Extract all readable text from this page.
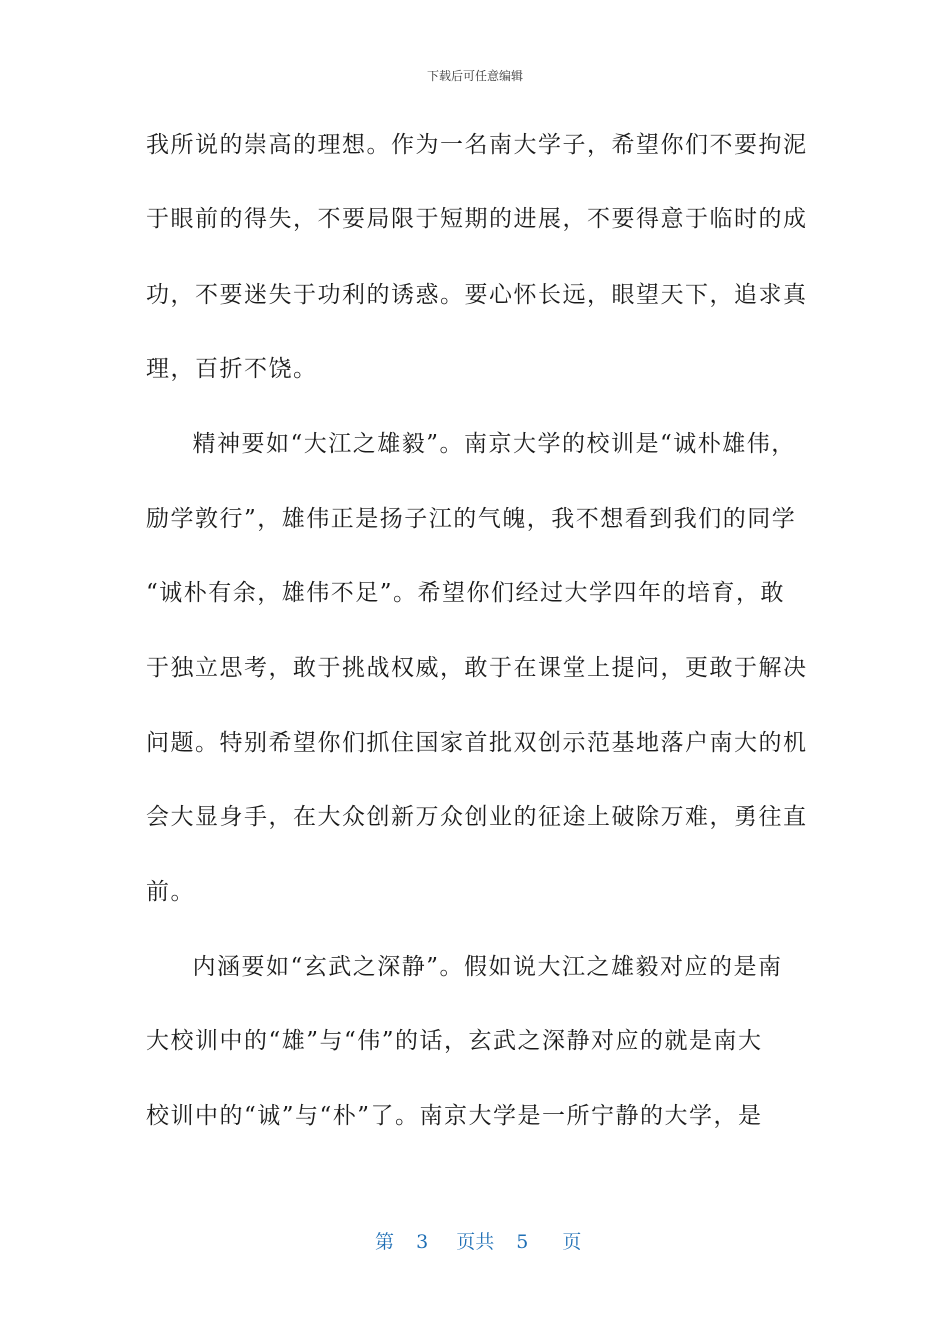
下载后可任意编辑
我所说的崇高的理想。作为一名南大学子，希望你们不要拘泥
于眼前的得失，不要局限于短期的进展，不要得意于临时的成
功，不要迷失于功利的诱惑。要心怀长远，眼望天下，追求真
理，百折不饶。
　精神要如“大江之雄毅”。南京大学的校训是“诚朴雄伟，
励学敦行”，雄伟正是扬子江的气魄，我不想看到我们的同学
“诚朴有余，雄伟不足”。希望你们经过大学四年的培育，敢
于独立思考，敢于挑战权威，敢于在课堂上提问，更敢于解决
问题。特别希望你们抓住国家首批双创示范基地落户南大的机
会大显身手，在大众创新万众创业的征途上破除万难，勇往直
前。
　内涵要如“玄武之深静”。假如说大江之雄毅对应的是南
大校训中的“雄”与“伟”的话，玄武之深静对应的就是南大
校训中的“诚”与“朴”了。南京大学是一所宁静的大学，是
第 3 页共 5 页
